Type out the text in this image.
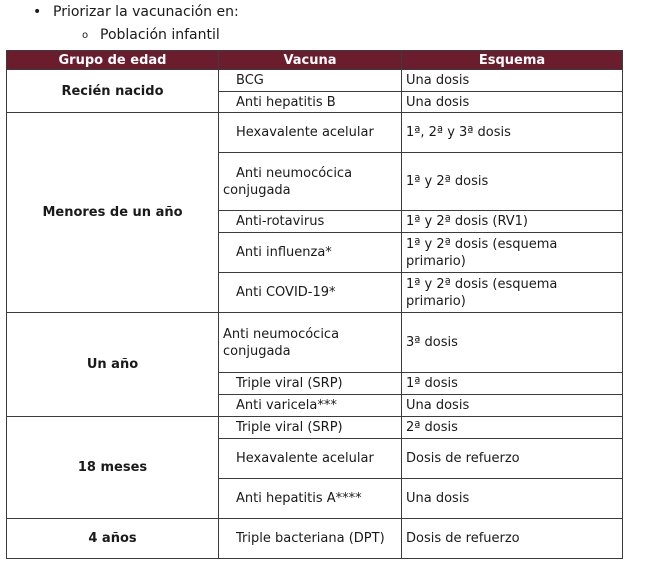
• Priorizar la vacunación en:
o Población infantil
Grupo de edad	Vacuna	Esquema
Recién nacido	BCG	Una dosis
	Anti hepatitis B	Una dosis
Menores de un año	Hexavalente acelular	1ª, 2ª y 3ª dosis
	Anti neumocócica conjugada	1ª y 2ª dosis
	Anti-rotavirus	1ª y 2ª dosis (RV1)
	Anti influenza*	1ª y 2ª dosis (esquema primario)
	Anti COVID-19*	1ª y 2ª dosis (esquema primario)
Un año	Anti neumocócica conjugada	3ª dosis
	Triple viral (SRP)	1ª dosis
	Anti varicela***	Una dosis
18 meses	Triple viral (SRP)	2ª dosis
	Hexavalente acelular	Dosis de refuerzo
	Anti hepatitis A****	Una dosis
4 años	Triple bacteriana (DPT)	Dosis de refuerzo
